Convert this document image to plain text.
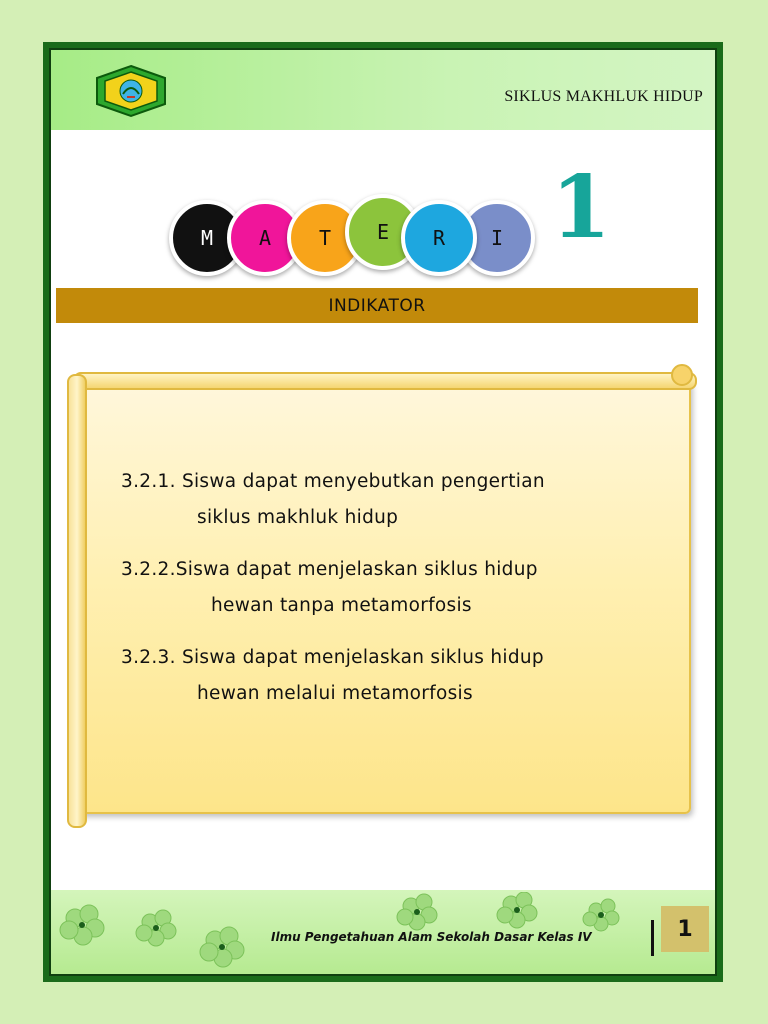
SIKLUS MAKHLUK HIDUP
M A T E R I 1
INDIKATOR
3.2.1. Siswa dapat menyebutkan pengertian
siklus makhluk hidup
3.2.2.Siswa dapat menjelaskan siklus hidup
hewan tanpa metamorfosis
3.2.3. Siswa dapat menjelaskan siklus hidup
hewan melalui metamorfosis
Ilmu Pengetahuan Alam Sekolah Dasar Kelas IV	1
